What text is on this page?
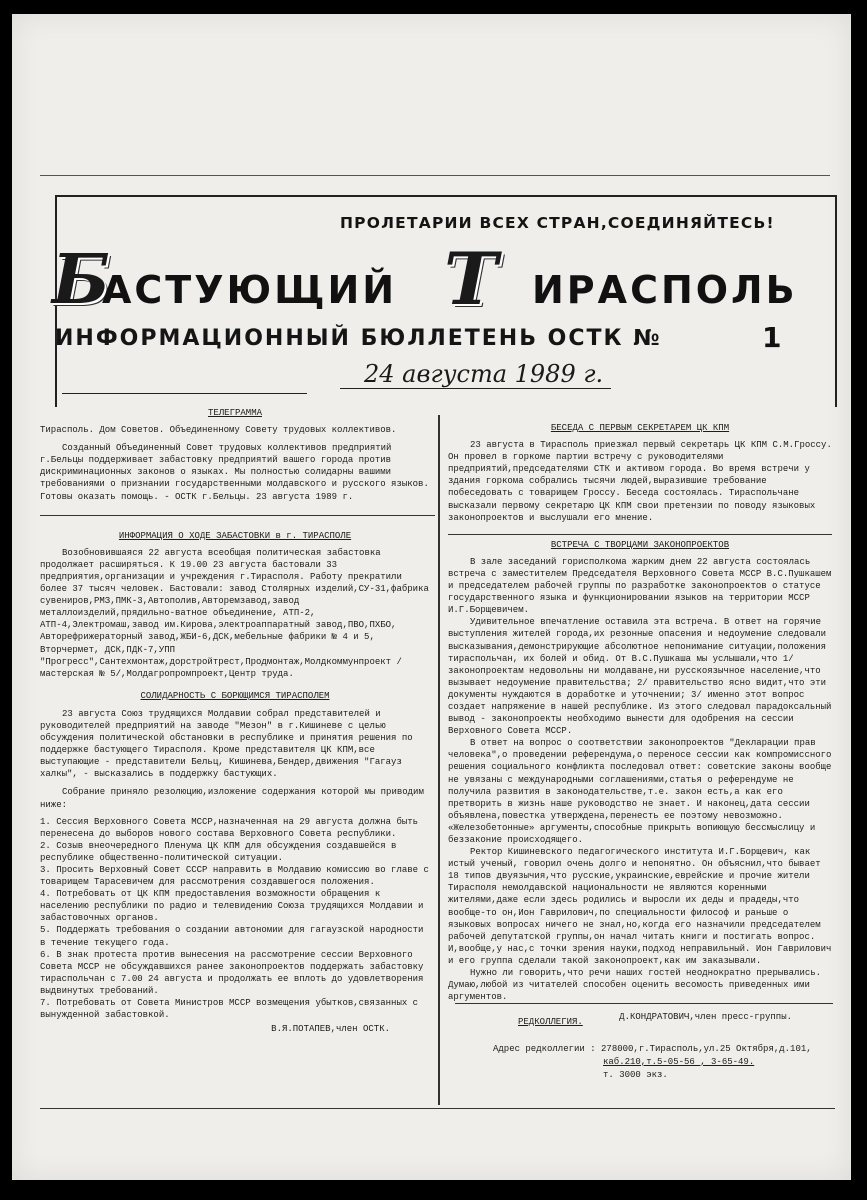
ПРОЛЕТАРИИ ВСЕХ СТРАН,СОЕДИНЯЙТЕСЬ!
Б
АСТУЮЩИЙ Т ИРАСПОЛЬ
ИНФОРМАЦИОННЫЙ БЮЛЛЕТЕНЬ ОСТК №	1
24 августа 1989 г.
ТЕЛЕГРАММА

Тирасполь. Дом Советов. Объединенному Совету трудовых коллективов.

Созданный Объединенный Совет трудовых коллективов предприятий г.Бельцы поддерживает забастовку предприятий вашего города против дискриминационных законов о языках. Мы полностью солидарны вашими требованиями о признании государственными молдавского и русского языков. Готовы оказать помощь. - ОСТК г.Бельцы. 23 августа 1989 г.

ИНФОРМАЦИЯ О ХОДЕ ЗАБАСТОВКИ в г. ТИРАСПОЛЕ

Возобновившаяся 22 августа всеобщая политическая забастовка продолжает расширяться. К 19.00 23 августа бастовали 33 предприятия,организации и учреждения г.Тирасполя. Работу прекратили более 37 тысяч человек. Бастовали: завод Столярных изделий,СУ-31,фабрика сувениров,РМЗ,ПМК-3,Автополив,Авторемзавод,завод металлоизделий,прядильно-ватное объединение, АТП-2, АТП-4,Электромаш,завод им.Кирова,электроаппаратный завод,ПВО,ПХБО, Авторефрижераторный завод,ЖБИ-6,ДСК,мебельные фабрики № 4 и 5, Вторчермет, ДСК,ПДК-7,УПП "Прогресс",Сантехмонтаж,дорстройтрест,Продмонтаж,Молдкоммунпроект /мастерская № 5/,Молдагропромпроект,Центр труда.

СОЛИДАРНОСТЬ С БОРЮЩИМСЯ ТИРАСПОЛЕМ

23 августа Союз трудящихся Молдавии собрал представителей и руководителей предприятий на заводе "Мезон" в г.Кишиневе с целью обсуждения политической обстановки в республике и принятия решения по поддержке бастующего Тирасполя. Кроме представителя ЦК КПМ,все выступающие - представители Бельц, Кишинева,Бендер,движения "Гагауз халкы", - высказались в поддержку бастующих.

Собрание приняло резолюцию,изложение содержания которой мы приводим ниже:

1. Сессия Верховного Совета МССР,назначенная на 29 августа должна быть перенесена до выборов нового состава Верховного Совета республики.

2. Созыв внеочередного Пленума ЦК КПМ для обсуждения создавшейся в республике общественно-политической ситуации.

3. Просить Верховный Совет СССР направить в Молдавию комиссию во главе с товарищем Тарасевичем для рассмотрения создавшегося положения.

4. Потребовать от ЦК КПМ предоставления возможности обращения к населению республики по радио и телевидению Союза трудящихся Молдавии и забастовочных органов.

5. Поддержать требования о создании автономии для гагаузской народности в течение текущего года.

6. В знак протеста против вынесения на рассмотрение сессии Верховного Совета МССР не обсуждавшихся ранее законопроектов поддержать забастовку тираспольчан с 7.00 24 августа и продолжать ее вплоть до удовлетворения выдвинутых требований.

7. Потребовать от Совета Министров МССР возмещения убытков,связанных с вынужденной забастовкой.

В.Я.ПОТАПЕВ,член ОСТК.
БЕСЕДА С ПЕРВЫМ СЕКРЕТАРЕМ ЦК КПМ

23 августа в Тирасполь приезжал первый секретарь ЦК КПМ С.М.Гроссу. Он провел в горкоме партии встречу с руководителями предприятий,председателями СТК и активом города. Во время встречи у здания горкома собрались тысячи людей,выразившие требование побеседовать с товарищем Гроссу. Беседа состоялась. Тираспольчане высказали первому секретарю ЦК КПМ свои претензии по поводу языковых законопроектов и выслушали его мнение.

ВСТРЕЧА С ТВОРЦАМИ ЗАКОНОПРОЕКТОВ

В зале заседаний горисполкома жарким днем 22 августа состоялась встреча с заместителем Председателя Верховного Совета МССР В.С.Пушкашем и председателем рабочей группы по разработке законопроектов о статусе государственного языка и функционировании языков на территории МССР И.Г.Борщевичем.

Удивительное впечатление оставила эта встреча. В ответ на горячие выступления жителей города,их резонные опасения и недоумение следовали высказывания,демонстрирующие абсолютное непонимание ситуации,положения тираспольчан, их болей и обид. От В.С.Пушкаша мы услышали,что 1/ законопроектам недовольны ни молдаване,ни русскоязычное население,что вызывает недоумение правительства; 2/ правительство ясно видит,что эти документы нуждаются в доработке и уточнении; 3/ именно этот вопрос создает напряжение в нашей республике. Из этого следовал парадоксальный вывод - законопроекты необходимо вынести для одобрения на сессии Верховного Совета МССР.

В ответ на вопрос о соответствии законопроектов "Декларации прав человека",о проведении референдума,о переносе сессии как компромиссного решения социального конфликта последовал ответ: советские законы вообще не увязаны с международными соглашениями,статья о референдуме не получила развития в законодательстве,т.е. закон есть,а как его претворить в жизнь наше руководство не знает. И наконец,дата сессии объявлена,повестка утверждена,перенесть ее поэтому невозможно. «Железобетонные» аргументы,способные прикрыть вопиющую бессмыслицу и беззаконие происходящего.

Ректор Кишиневского педагогического института И.Г.Борщевич, как истый ученый, говорил очень долго и непонятно. Он объяснил,что бывает 18 типов двуязычия,что русские,украинские,еврейские и прочие жители Тирасполя немолдавской национальности не являются коренными жителями,даже если здесь родились и выросли их деды и прадеды,что вообще-то он,Ион Гаврилович,по специальности философ и раньше о языковых вопросах ничего не знал,но,когда его назначили председателем рабочей депутатской группы,он начал читать книги и постигать вопрос. И,вообще,у нас,с точки зрения науки,подход неправильный. Ион Гаврилович и его группа сделали такой законопроект,как им заказывали.

Нужно ли говорить,что речи наших гостей неоднократно прерывались. Думаю,любой из читателей способен оценить весомость приведенных ими аргументов.

Д.КОНДРАТОВИЧ,член пресс-группы.
РЕДКОЛЛЕГИЯ.
Адрес редколлегии : 278000,г.Тирасполь,ул.25 Октября,д.101,
каб.210,т.5-05-56 , 3-65-49.
т. 3000 экз.
